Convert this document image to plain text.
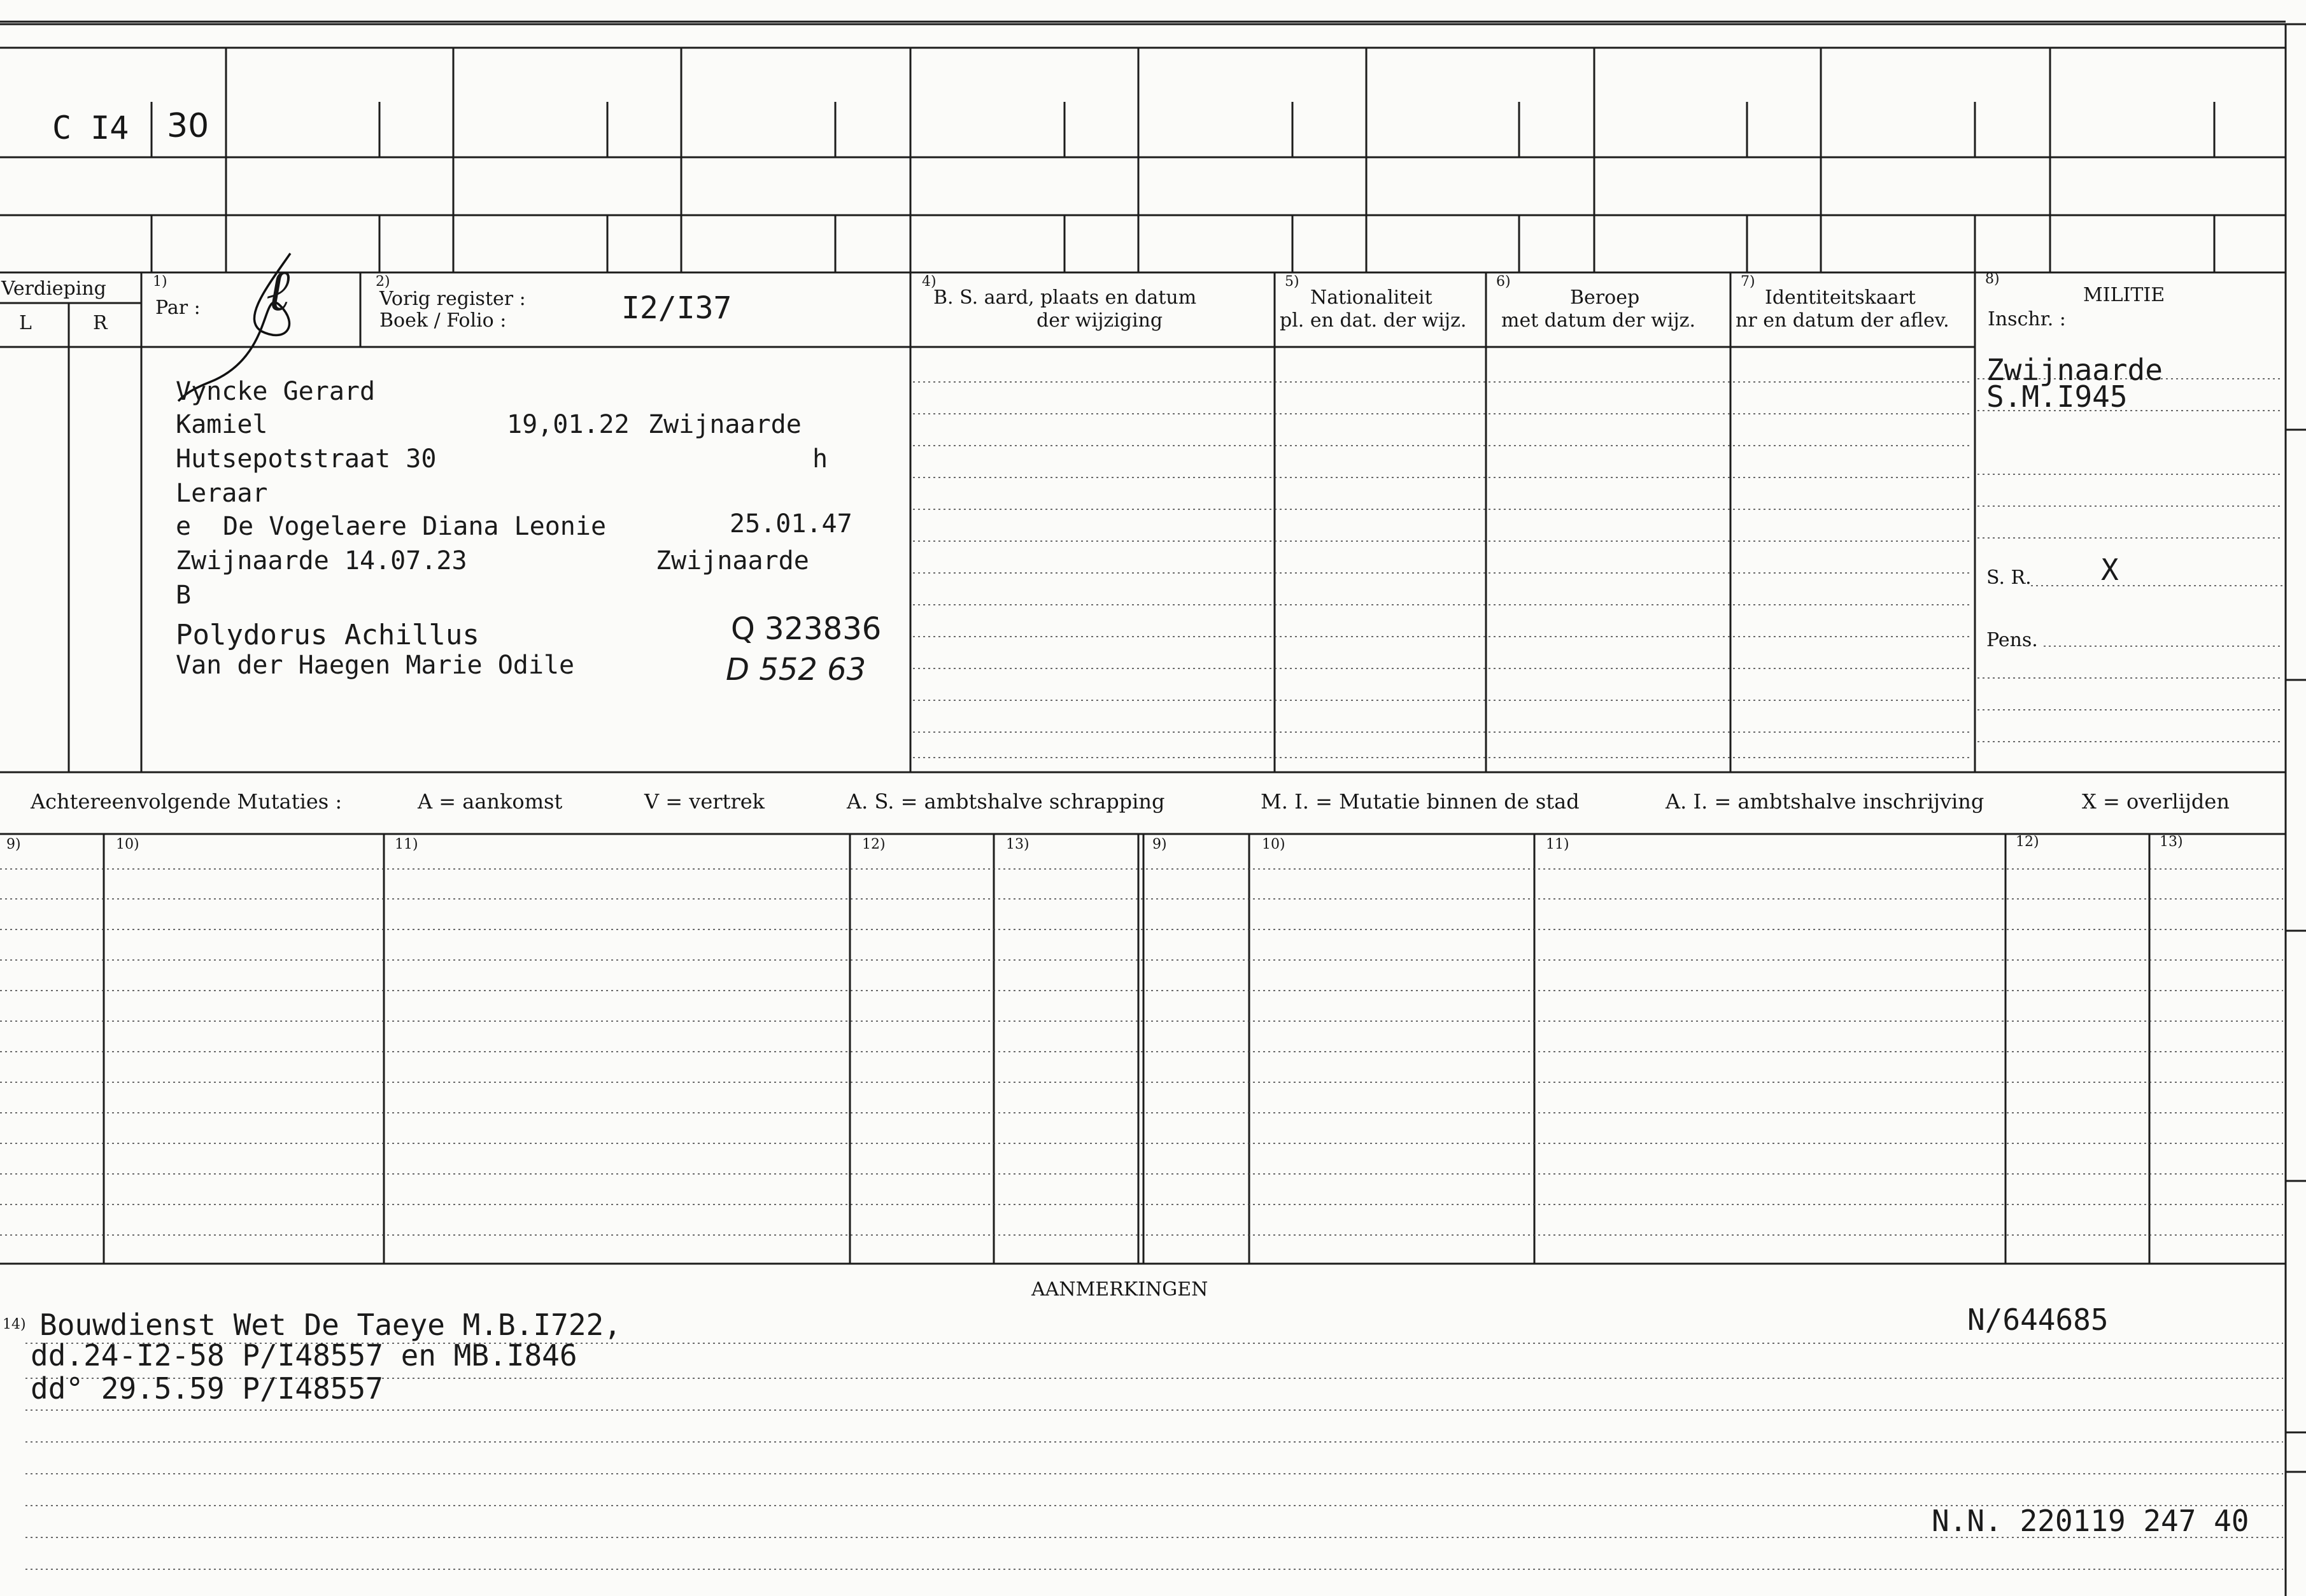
C I4 30
Verdieping
L	R
1)
Par : ℓ	2)
Vorig register :
Boek / Folio :	I2/I37
4)
B. S. aard, plaats en datum
der wijziging
5)
Nationaliteit
pl. en dat. der wijz.
6)
Beroep
met datum der wijz.
7)
Identiteitskaart
nr en datum der aflev.
8)
MILITIE
Inschr. :
Vyncke Gerard
Kamiel	19,01.22 Zwijnaarde
Hutsepotstraat 30	h
Leraar
e De Vogelaere Diana Leonie	25.01.47
Zwijnaarde 14.07.23	Zwijnaarde
B
Polydorus Achillus	Q 323836
Van der Haegen Marie Odile	D 552 63
Zwijnaarde
S.M.I945
S. R. X
Pens.
Achtereenvolgende Mutaties :	A = aankomst	V = vertrek	A. S. = ambtshalve schrapping	M. I. = Mutatie binnen de stad	A. I. = ambtshalve inschrijving	X = overlijden
9)	10)	11)	12)	13)	9)	10)	11)	12)	13)
AANMERKINGEN
14) Bouwdienst Wet De Taeye M.B.I722,
dd.24-I2-58 P/I48557 en MB.I846
dd° 29.5.59 P/I48557
N/644685
N.N. 220119 247 40
